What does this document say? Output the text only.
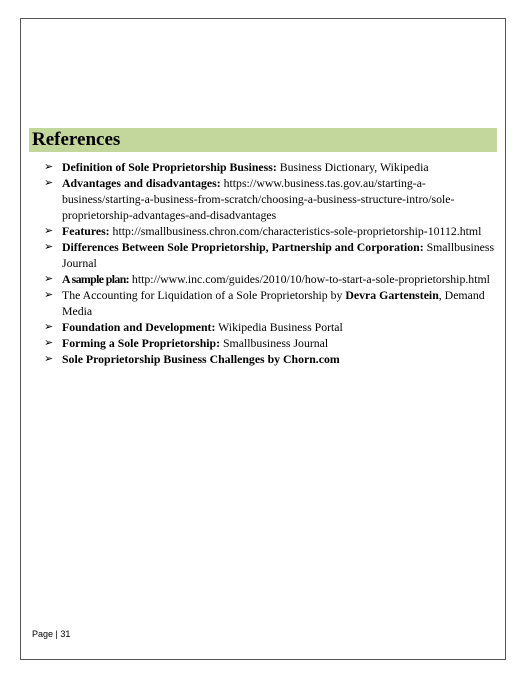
References
➢ Definition of Sole Proprietorship Business: Business Dictionary, Wikipedia
➢ Advantages and disadvantages: https://www.business.tas.gov.au/starting-a-business/starting-a-business-from-scratch/choosing-a-business-structure-intro/sole-proprietorship-advantages-and-disadvantages
➢ Features: http://smallbusiness.chron.com/characteristics-sole-proprietorship-10112.html
➢ Differences Between Sole Proprietorship, Partnership and Corporation: Smallbusiness Journal
➢ A sample plan: http://www.inc.com/guides/2010/10/how-to-start-a-sole-proprietorship.html
➢ The Accounting for Liquidation of a Sole Proprietorship by Devra Gartenstein, Demand Media
➢ Foundation and Development: Wikipedia Business Portal
➢ Forming a Sole Proprietorship: Smallbusiness Journal
➢ Sole Proprietorship Business Challenges by Chorn.com
Page | 31
